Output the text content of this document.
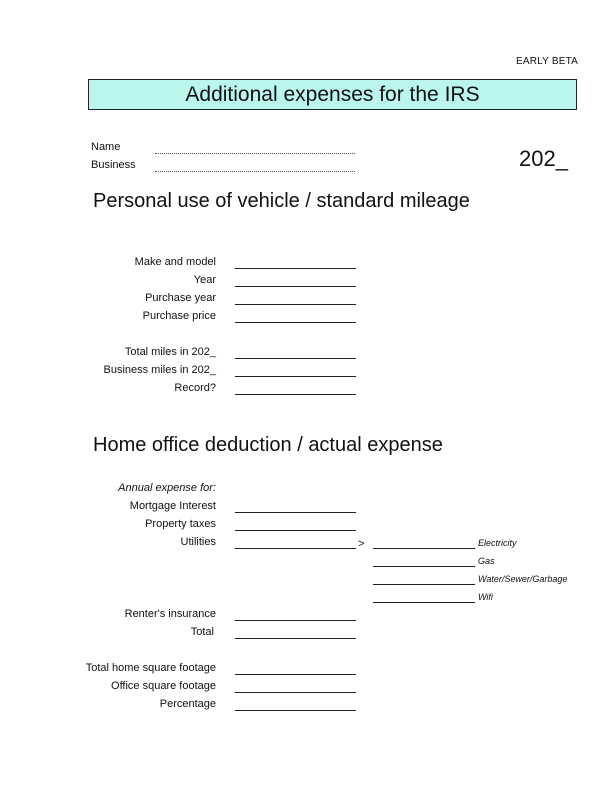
EARLY BETA
Additional expenses for the IRS
Name
Business	202_
Personal use of vehicle / standard mileage
Make and model
Year
Purchase year
Purchase price
Total miles in 202_
Business miles in 202_
Record?
Home office deduction / actual expense
Annual expense for:
Mortgage Interest
Property taxes
Utilities	>	Electricity
Gas
Water/Sewer/Garbage
Wifi
Renter's insurance
Total
Total home square footage
Office square footage
Percentage
